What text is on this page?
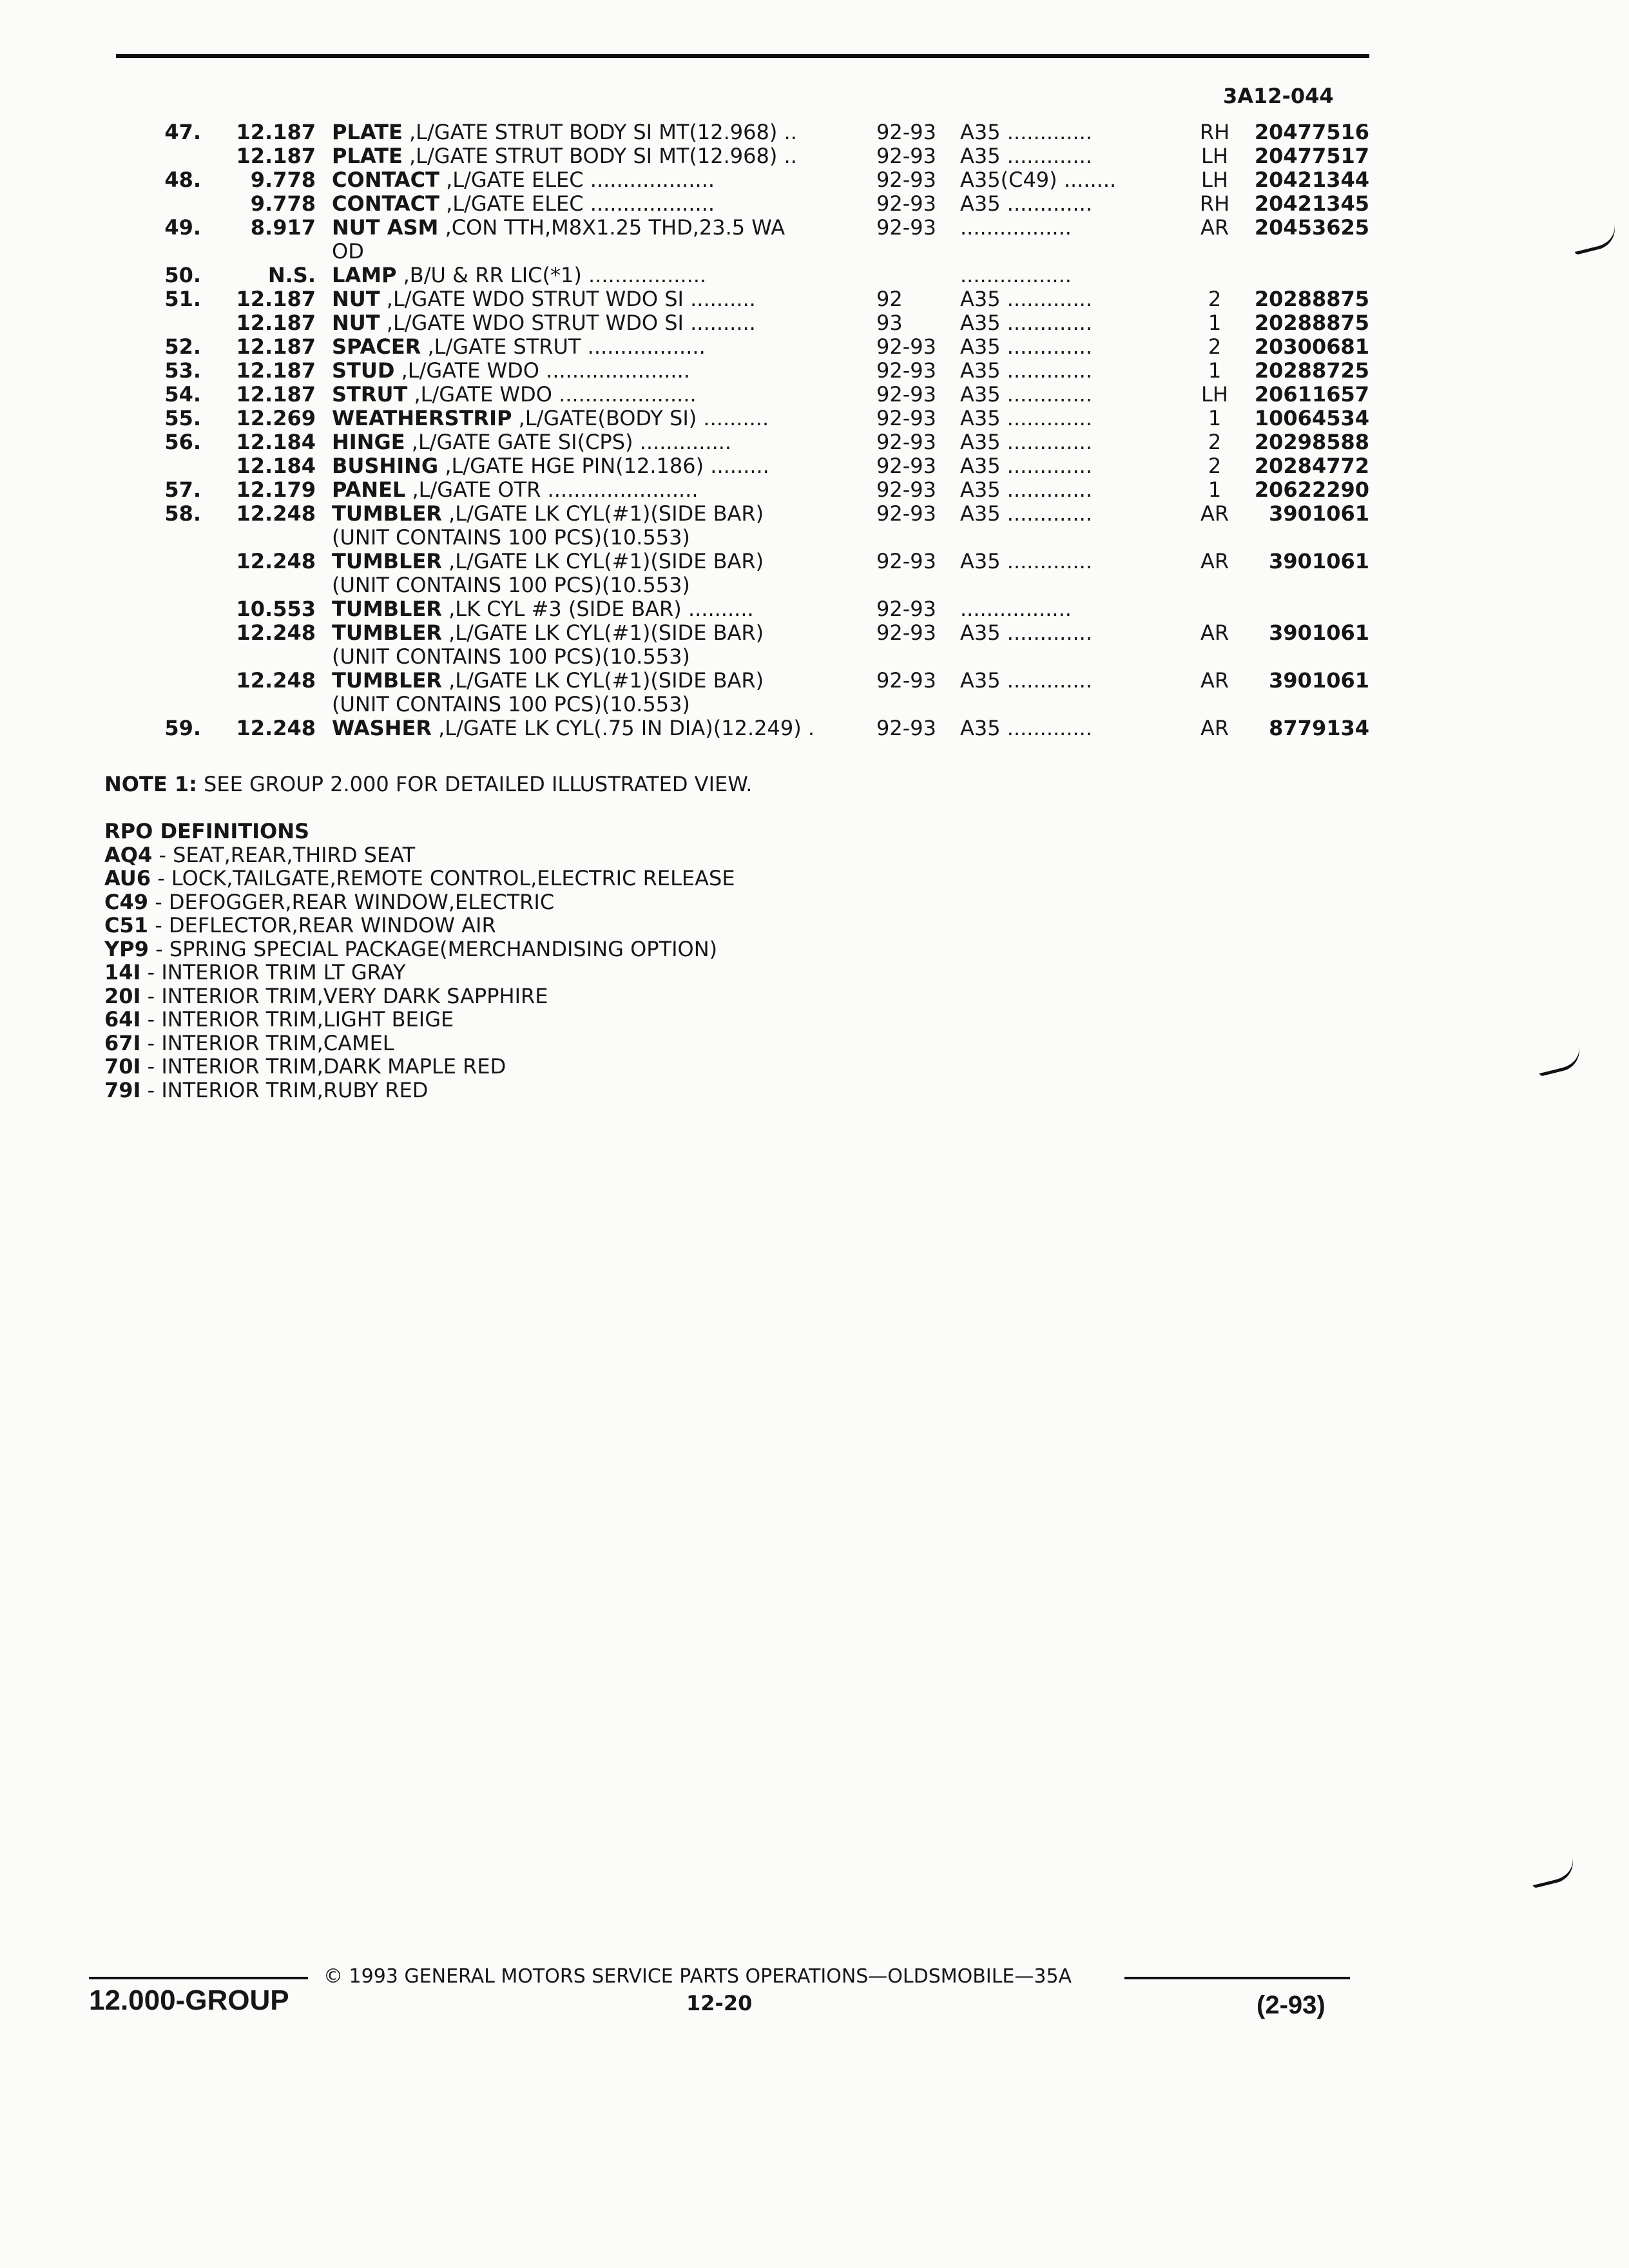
3A12-044
47.	12.187 PLATE ,L/GATE STRUT BODY SI MT(12.968) ..	92-93 A35 .............	RH	20477516
12.187 PLATE ,L/GATE STRUT BODY SI MT(12.968) ..	92-93 A35 .............	LH	20477517
48.	9.778 CONTACT ,L/GATE ELEC ...................	92-93 A35(C49) ........	LH	20421344
9.778 CONTACT ,L/GATE ELEC ...................	92-93 A35 .............	RH	20421345
49.	8.917 NUT ASM ,CON TTH,M8X1.25 THD,23.5 WA	92-93 .................	AR	20453625
OD
50.	N.S. LAMP ,B/U & RR LIC(*1) ..................	.................
51.	12.187 NUT ,L/GATE WDO STRUT WDO SI ..........	92	A35 .............	2	20288875
12.187 NUT ,L/GATE WDO STRUT WDO SI ..........	93	A35 .............	1	20288875
52.	12.187 SPACER ,L/GATE STRUT ..................	92-93 A35 .............	2	20300681
53.	12.187 STUD ,L/GATE WDO ......................	92-93 A35 .............	1	20288725
54.	12.187 STRUT ,L/GATE WDO .....................	92-93 A35 .............	LH	20611657
55.	12.269 WEATHERSTRIP ,L/GATE(BODY SI) ..........	92-93 A35 .............	1	10064534
56.	12.184 HINGE ,L/GATE GATE SI(CPS) ..............	92-93 A35 .............	2	20298588
12.184 BUSHING ,L/GATE HGE PIN(12.186) .........	92-93 A35 .............	2	20284772
57.	12.179 PANEL ,L/GATE OTR .......................	92-93 A35 .............	1	20622290
58.	12.248 TUMBLER ,L/GATE LK CYL(#1)(SIDE BAR)	92-93 A35 .............	AR	3901061
(UNIT CONTAINS 100 PCS)(10.553)
12.248 TUMBLER ,L/GATE LK CYL(#1)(SIDE BAR)	92-93 A35 .............	AR	3901061
(UNIT CONTAINS 100 PCS)(10.553)
10.553 TUMBLER ,LK CYL #3 (SIDE BAR) ..........	92-93 .................
12.248 TUMBLER ,L/GATE LK CYL(#1)(SIDE BAR)	92-93 A35 .............	AR	3901061
(UNIT CONTAINS 100 PCS)(10.553)
12.248 TUMBLER ,L/GATE LK CYL(#1)(SIDE BAR)	92-93 A35 .............	AR	3901061
(UNIT CONTAINS 100 PCS)(10.553)
59.	12.248 WASHER ,L/GATE LK CYL(.75 IN DIA)(12.249) .	92-93 A35 .............	AR	8779134
NOTE 1: SEE GROUP 2.000 FOR DETAILED ILLUSTRATED VIEW.
RPO DEFINITIONS
AQ4 - SEAT,REAR,THIRD SEAT
AU6 - LOCK,TAILGATE,REMOTE CONTROL,ELECTRIC RELEASE
C49 - DEFOGGER,REAR WINDOW,ELECTRIC
C51 - DEFLECTOR,REAR WINDOW AIR
YP9 - SPRING SPECIAL PACKAGE(MERCHANDISING OPTION)
14I - INTERIOR TRIM LT GRAY
20I - INTERIOR TRIM,VERY DARK SAPPHIRE
64I - INTERIOR TRIM,LIGHT BEIGE
67I - INTERIOR TRIM,CAMEL
70I - INTERIOR TRIM,DARK MAPLE RED
79I - INTERIOR TRIM,RUBY RED
© 1993 GENERAL MOTORS SERVICE PARTS OPERATIONS—OLDSMOBILE—35A
12.000-GROUP	12-20	(2-93)
